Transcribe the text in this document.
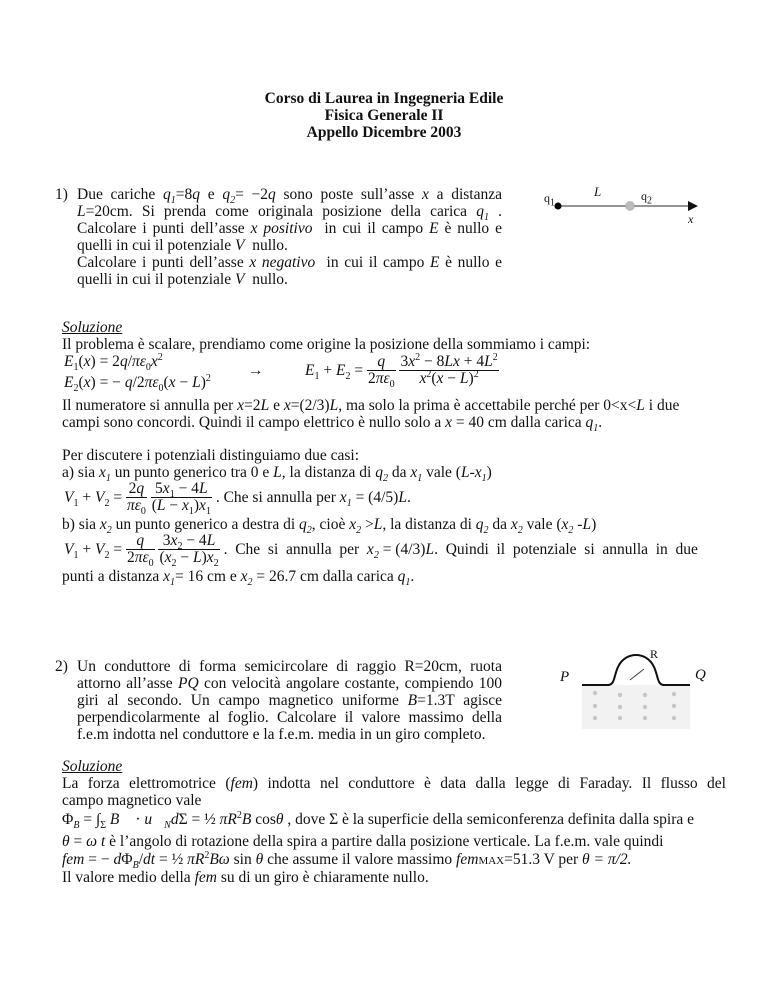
Corso di Laurea in Ingegneria Edile
Fisica Generale II
Appello Dicembre 2003
1) Due cariche $q_1=8q$ e $q_2= -2q$ sono poste sull’asse x a distanza
L=20cm. Si prenda come originala posizione della carica $q_1$ .
Calcolare i punti dell’asse x positivo  in cui il campo E è nullo e
quelli in cui il potenziale V  nullo.
Calcolare i punti dell’asse x negativo  in cui il campo E è nullo e
quelli in cui il potenziale V  nullo.
$q_1$
L	$q_2$
x
Soluzione
Il problema è scalare, prendiamo come origine la posizione della sommiamo i campi:
$E_1(x) = 2q/\pi\varepsilon_0x^2$
$E_2(x)$ = − $q/2\pi\varepsilon_0(x - L)^2$ →	$E_1 + E_2 = \frac{q}{2\pi\varepsilon_0}$
$\frac{3x^2 - 8Lx + 4L^2}{x^2(x - L)^2}$
Il numeratore si annulla per x=2L e x=(2/3)L, ma solo la prima è accettabile perché per 0<x<L i due
campi sono concordi. Quindi il campo elettrico è nullo solo a x = 40 cm dalla carica $q_1$.
Per discutere i potenziali distinguiamo due casi:
a) sia $x_1$ un punto generico tra 0 e L, la distanza di $q_2$ da $x_1$ vale $(L-x_1)$
$V_1 + V_2 = \frac{2q}{\pi\varepsilon_0}$
$\frac{5x_1 - 4L}{(L - x_1)x_1}$ . Che si annulla per $x_1 = (4/5)L$.
b) sia $x_2$ un punto generico a destra di $q_2$, cioè $x_2 >L$, la distanza di $q_2$ da $x_2$ vale ($x_2$ -L)
$V_1 + V_2 = \frac{q}{2\pi\varepsilon_0}$
$\frac{3x_2 - 4L}{(x_2 - L)x_2}$ .  Che  si  annulla  per  $x_2 = (4/3)L$.  Quindi  il  potenziale  si  annulla  in  due
punti a distanza $x_1= 16$ cm e $x_2 = 26.7$ cm dalla carica $q_1$.
2) Un conduttore di forma semicircolare di raggio R=20cm, ruota
attorno all’asse PQ con velocità angolare costante, compiendo 100
giri al secondo. Un campo magnetico uniforme B=1.3T agisce
perpendicolarmente al foglio. Calcolare il valore massimo della
f.e.m indotta nel conduttore e la f.e.m. media in un giro completo.
P	Q
R
Soluzione
La forza elettromotrice (fem) indotta nel conduttore è data dalla legge di Faraday. Il flusso del
campo magnetico vale
$\Phi_B = \int_\Sigma$ B⃗ · $u⃗_Nd\Sigma$ = ½ $\pi R^2B$ cosθ , dove Σ è la superficie della semiconferenza definita dalla spira e
θ = ω t è l’angolo di rotazione della spira a partire dalla posizione verticale. La f.e.m. vale quindi
fem = − $d\Phi_B/dt$ = ½ $\pi R^2B\omega$ sin θ che assume il valore massimo femMAX=51.3 V per θ = π/2.
Il valore medio della fem su di un giro è chiaramente nullo.
